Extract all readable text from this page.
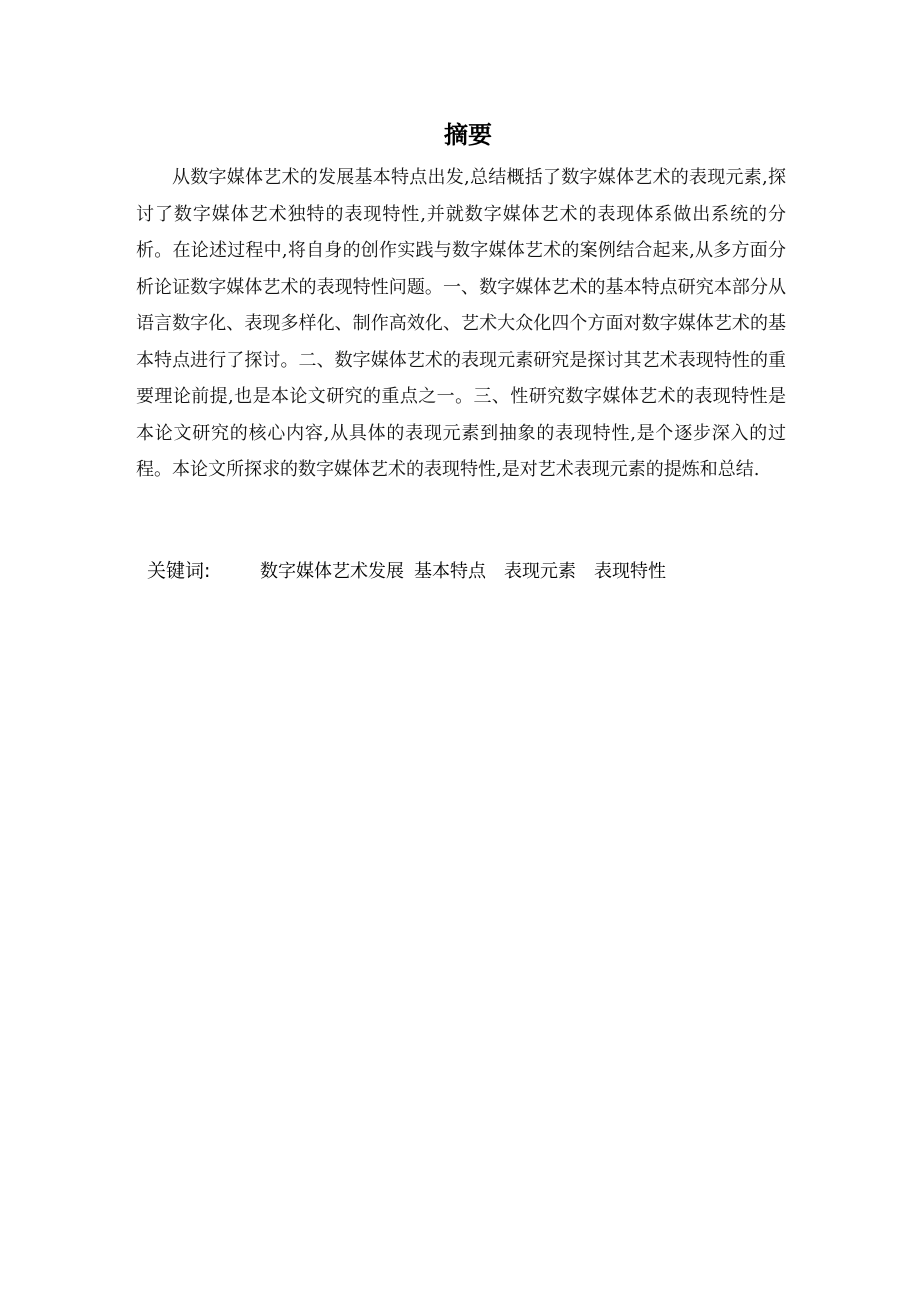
摘要

从数字媒体艺术的发展基本特点出发,总结概括了数字媒体艺术的表现元素,探讨了数字媒体艺术独特的表现特性,并就数字媒体艺术的表现体系做出系统的分析。在论述过程中,将自身的创作实践与数字媒体艺术的案例结合起来,从多方面分析论证数字媒体艺术的表现特性问题。一、数字媒体艺术的基本特点研究本部分从语言数字化、表现多样化、制作高效化、艺术大众化四个方面对数字媒体艺术的基本特点进行了探讨。二、数字媒体艺术的表现元素研究是探讨其艺术表现特性的重要理论前提,也是本论文研究的重点之一。三、性研究数字媒体艺术的表现特性是本论文研究的核心内容,从具体的表现元素到抽象的表现特性,是个逐步深入的过程。本论文所探求的数字媒体艺术的表现特性,是对艺术表现元素的提炼和总结.

关键词:	数字媒体艺术发展 基本特点 表现元素 表现特性
